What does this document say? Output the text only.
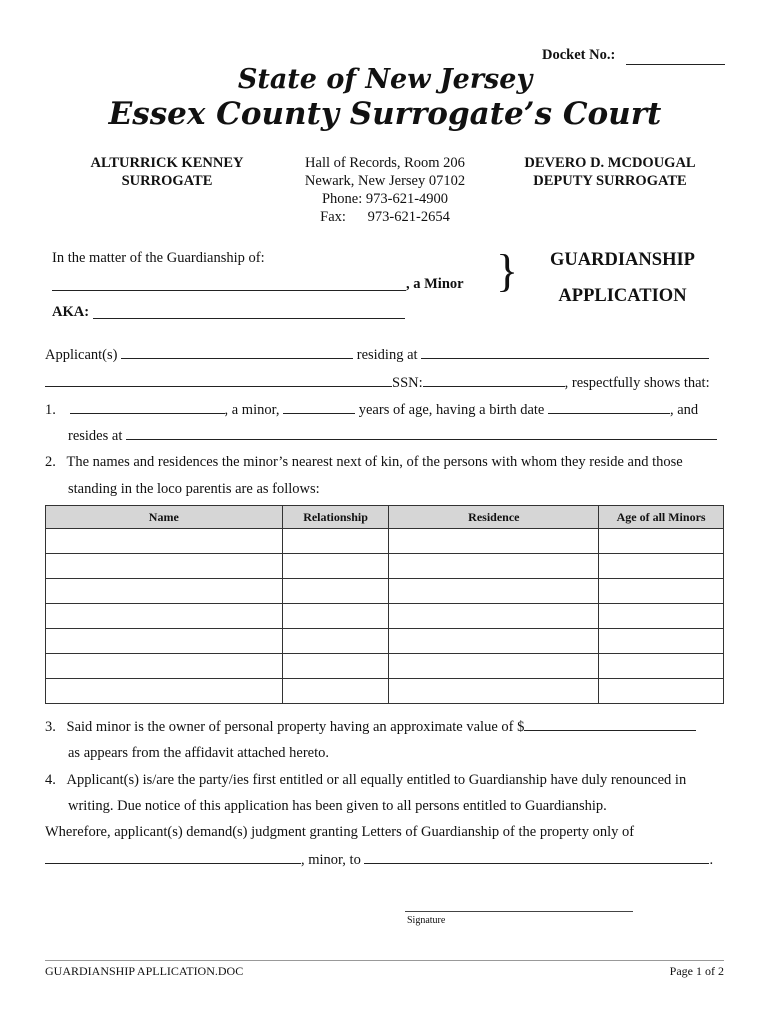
Docket No.:
State of New Jersey
Essex County Surrogate’s Court
ALTURRICK KENNEY
SURROGATE
Hall of Records, Room 206
Newark, New Jersey 07102
Phone: 973-621-4900
Fax:      973-621-2654
DEVERO D. MCDOUGAL
DEPUTY SURROGATE
In the matter of the Guardianship of:
, a Minor
AKA:
}	GUARDIANSHIP
APPLICATION
Applicant(s)	residing at
SSN:	, respectfully shows that:
1.	, a minor,	years of age, having a birth date	, and
resides at
2. The names and residences the minor’s nearest next of kin, of the persons with whom they reside and those
standing in the loco parentis are as follows:
Name	Relationship	Residence	Age of all Minors

3. Said minor is the owner of personal property having an approximate value of $
as appears from the affidavit attached hereto.
4. Applicant(s) is/are the party/ies first entitled or all equally entitled to Guardianship have duly renounced in
writing. Due notice of this application has been given to all persons entitled to Guardianship.
Wherefore, applicant(s) demand(s) judgment granting Letters of Guardianship of the property only of
, minor, to	.
Signature
GUARDIANSHIP APLLICATION.DOC	Page 1 of 2
